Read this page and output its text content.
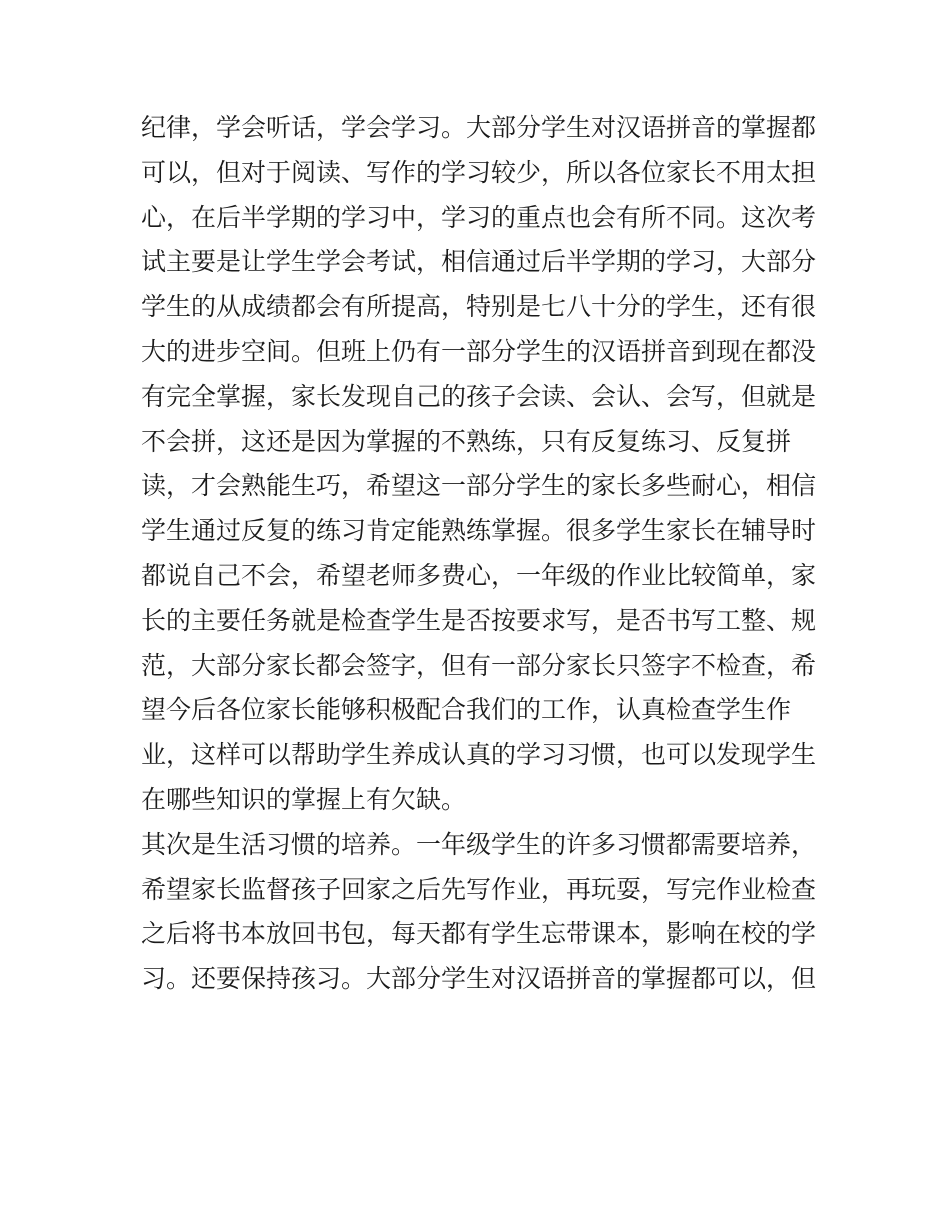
纪律，学会听话，学会学习。大部分学生对汉语拼音的掌握都
可以，但对于阅读、写作的学习较少，所以各位家长不用太担
心，在后半学期的学习中，学习的重点也会有所不同。这次考
试主要是让学生学会考试，相信通过后半学期的学习，大部分
学生的从成绩都会有所提高，特别是七八十分的学生，还有很
大的进步空间。但班上仍有一部分学生的汉语拼音到现在都没
有完全掌握，家长发现自己的孩子会读、会认、会写，但就是
不会拼，这还是因为掌握的不熟练，只有反复练习、反复拼
读，才会熟能生巧，希望这一部分学生的家长多些耐心，相信
学生通过反复的练习肯定能熟练掌握。很多学生家长在辅导时
都说自己不会，希望老师多费心，一年级的作业比较简单，家
长的主要任务就是检查学生是否按要求写，是否书写工整、规
范，大部分家长都会签字，但有一部分家长只签字不检查，希
望今后各位家长能够积极配合我们的工作，认真检查学生作
业，这样可以帮助学生养成认真的学习习惯，也可以发现学生
在哪些知识的掌握上有欠缺。
其次是生活习惯的培养。一年级学生的许多习惯都需要培养，
希望家长监督孩子回家之后先写作业，再玩耍，写完作业检查
之后将书本放回书包，每天都有学生忘带课本，影响在校的学
习。还要保持孩习。大部分学生对汉语拼音的掌握都可以，但
